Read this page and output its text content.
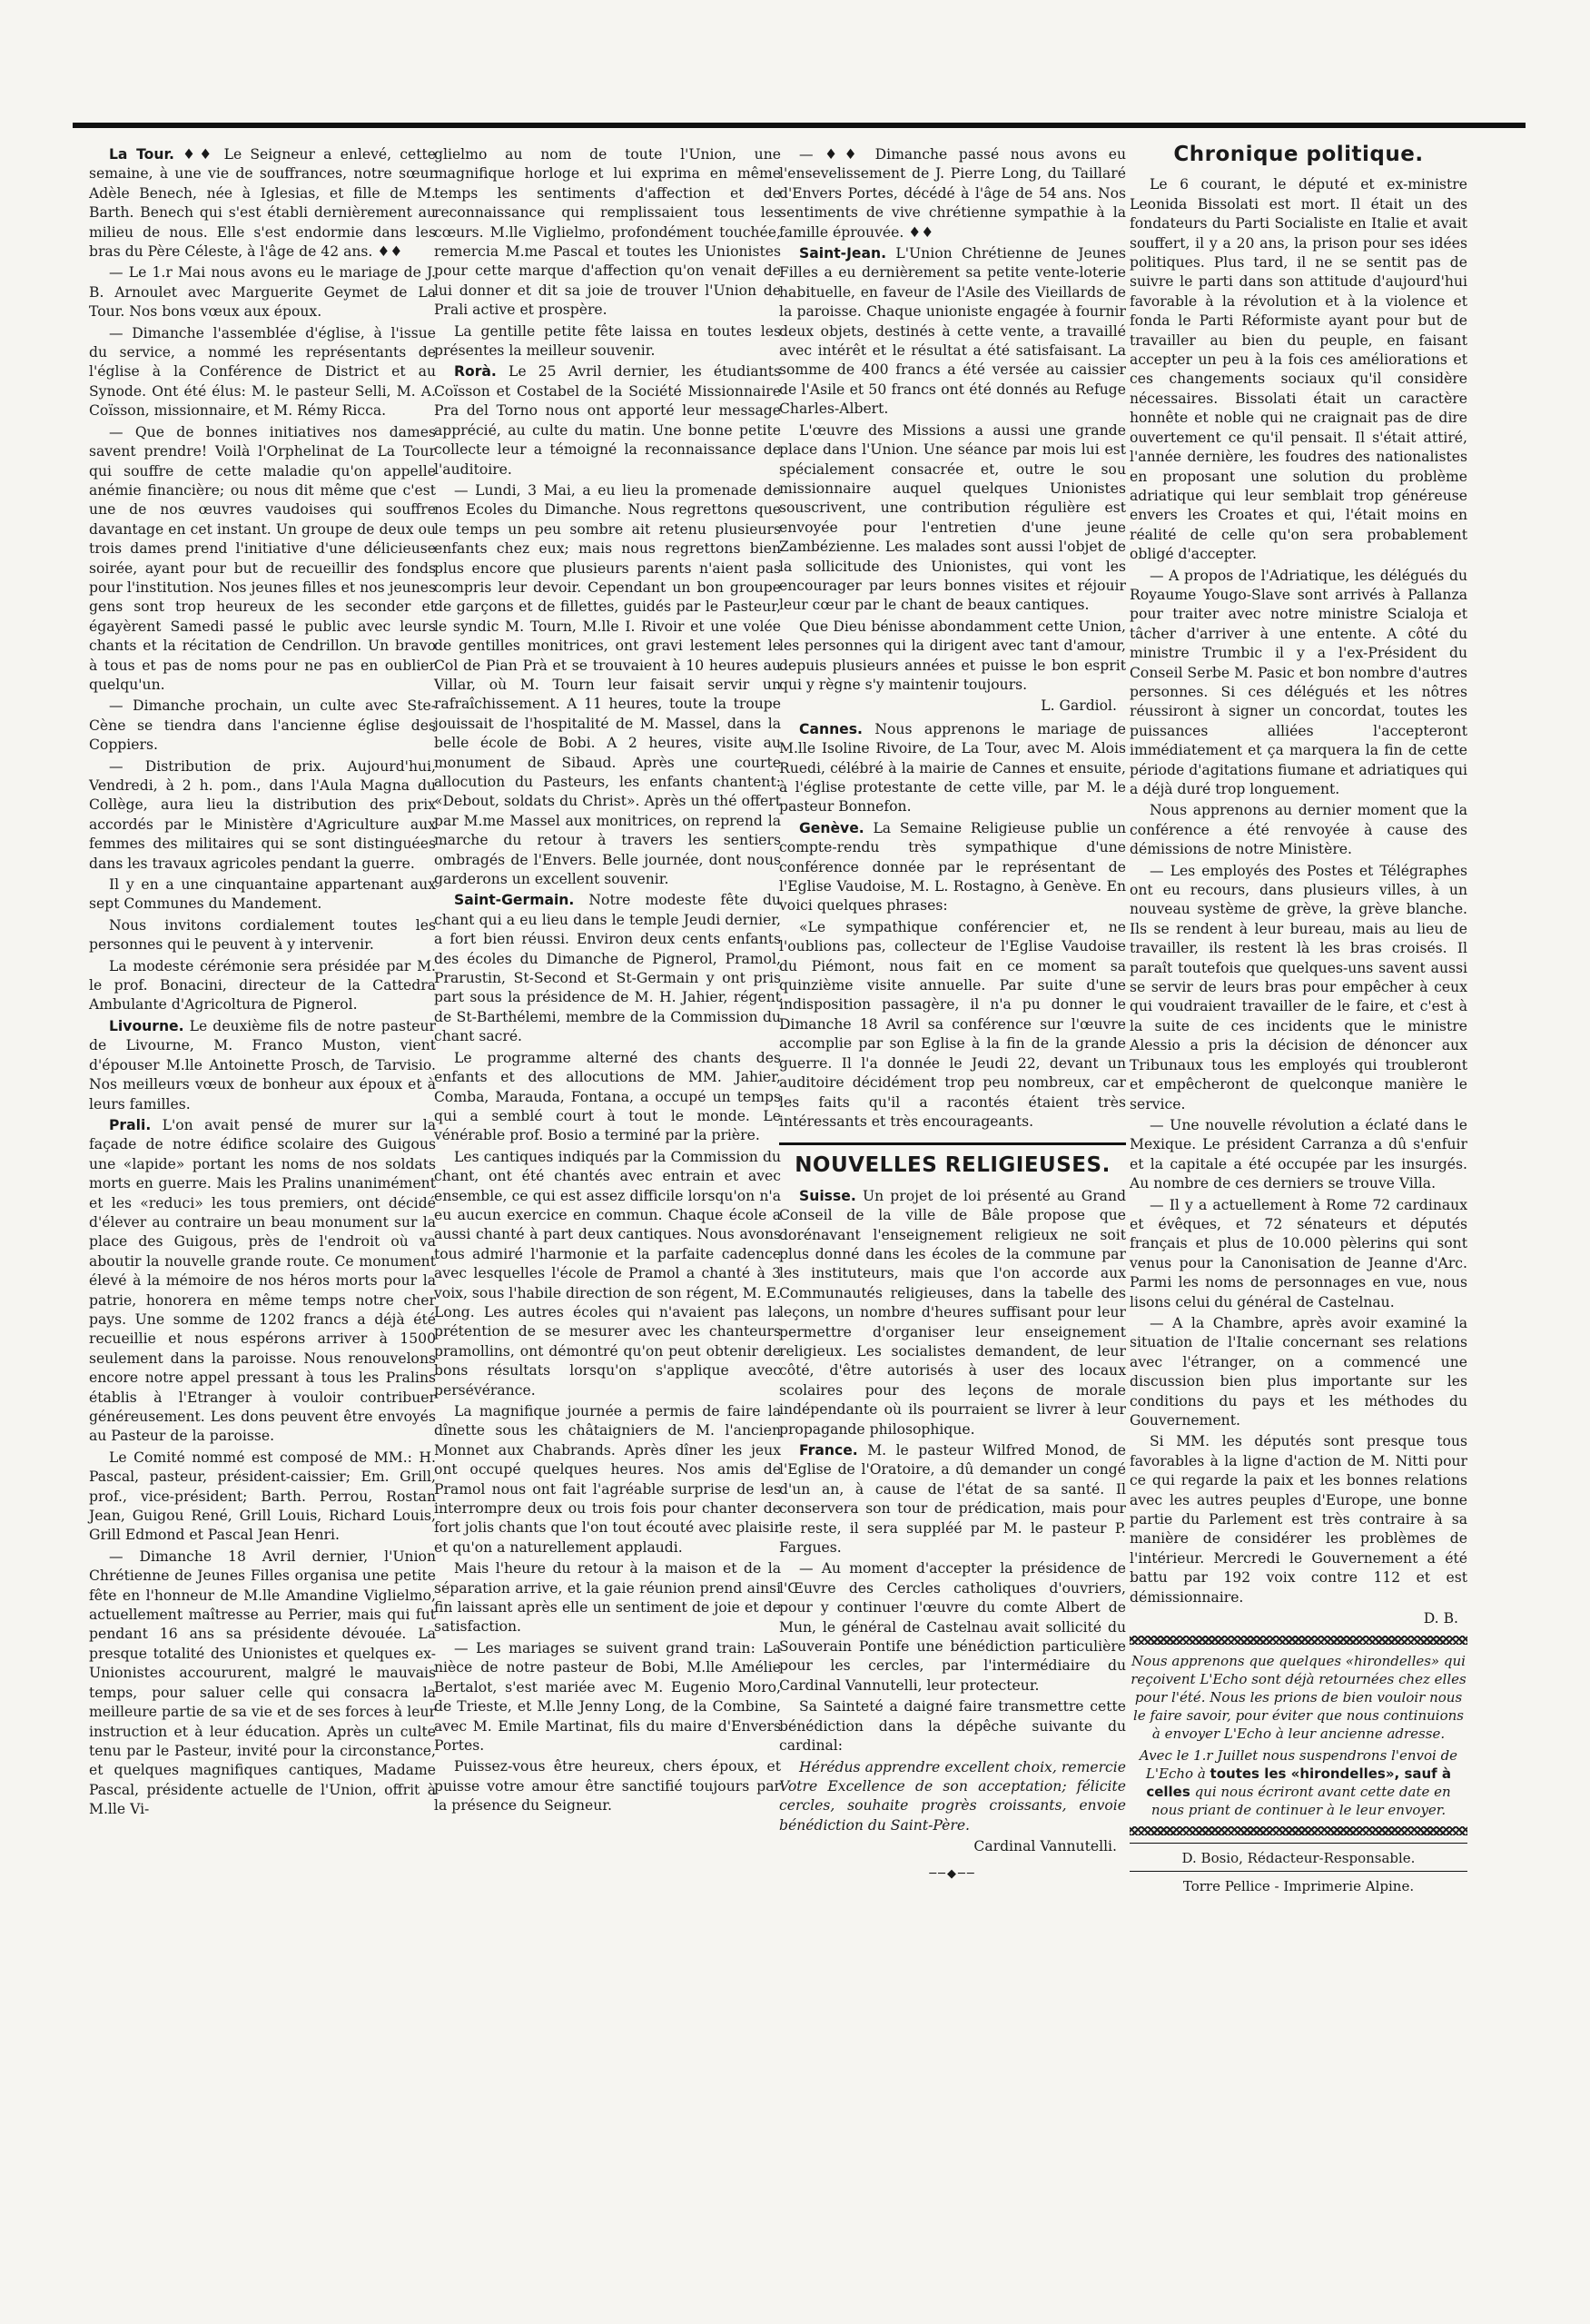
La Tour. ♦♦ Le Seigneur a enlevé, cette semaine, à une vie de souffrances, notre sœur Adèle Benech, née à Iglesias, et fille de M. Barth. Benech qui s'est établi dernièrement au milieu de nous. Elle s'est endormie dans les bras du Père Céleste, à l'âge de 42 ans. ♦♦

— Le 1.r Mai nous avons eu le mariage de J. B. Arnoulet avec Marguerite Geymet de La Tour. Nos bons vœux aux époux.

— Dimanche l'assemblée d'église, à l'issue du service, a nommé les représentants de l'église à la Conférence de District et au Synode. Ont été élus: M. le pasteur Selli, M. A. Coïsson, missionnaire, et M. Rémy Ricca.

— Que de bonnes initiatives nos dames savent prendre! Voilà l'Orphelinat de La Tour qui souffre de cette maladie qu'on appelle anémie financière; ou nous dit même que c'est une de nos œuvres vaudoises qui souffre davantage en cet instant. Un groupe de deux ou trois dames prend l'initiative d'une délicieuse soirée, ayant pour but de recueillir des fonds pour l'institution. Nos jeunes filles et nos jeunes gens sont trop heureux de les seconder et égayèrent Samedi passé le public avec leurs chants et la récitation de Cendrillon. Un bravo à tous et pas de noms pour ne pas en oublier quelqu'un.

— Dimanche prochain, un culte avec Ste-Cène se tiendra dans l'ancienne église des Coppiers.

— Distribution de prix. Aujourd'hui, Vendredi, à 2 h. pom., dans l'Aula Magna du Collège, aura lieu la distribution des prix accordés par le Ministère d'Agriculture aux femmes des militaires qui se sont distinguées dans les travaux agricoles pendant la guerre.

Il y en a une cinquantaine appartenant aux sept Communes du Mandement.

Nous invitons cordialement toutes les personnes qui le peuvent à y intervenir.

La modeste cérémonie sera présidée par M. le prof. Bonacini, directeur de la Cattedra Ambulante d'Agricoltura de Pignerol.

Livourne. Le deuxième fils de notre pasteur de Livourne, M. Franco Muston, vient d'épouser M.lle Antoinette Prosch, de Tarvisio. Nos meilleurs vœux de bonheur aux époux et à leurs familles.

Prali. L'on avait pensé de murer sur la façade de notre édifice scolaire des Guigous une «lapide» portant les noms de nos soldats morts en guerre. Mais les Pralins unanimément et les «reduci» les tous premiers, ont décidé d'élever au contraire un beau monument sur la place des Guigous, près de l'endroit où va aboutir la nouvelle grande route. Ce monument élevé à la mémoire de nos héros morts pour la patrie, honorera en même temps notre cher pays. Une somme de 1202 francs a déjà été recueillie et nous espérons arriver à 1500 seulement dans la paroisse. Nous renouvelons encore notre appel pressant à tous les Pralins établis à l'Etranger à vouloir contribuer généreusement. Les dons peuvent être envoyés au Pasteur de la paroisse.

Le Comité nommé est composé de MM.: H. Pascal, pasteur, président-caissier; Em. Grill, prof., vice-président; Barth. Perrou, Rostan Jean, Guigou René, Grill Louis, Richard Louis, Grill Edmond et Pascal Jean Henri.

— Dimanche 18 Avril dernier, l'Union Chrétienne de Jeunes Filles organisa une petite fête en l'honneur de M.lle Amandine Viglielmo, actuellement maîtresse au Perrier, mais qui fut pendant 16 ans sa présidente dévouée. La presque totalité des Unionistes et quelques ex-Unionistes accoururent, malgré le mauvais temps, pour saluer celle qui consacra la meilleure partie de sa vie et de ses forces à leur instruction et à leur éducation. Après un culte tenu par le Pasteur, invité pour la circonstance, et quelques magnifiques cantiques, Madame Pascal, présidente actuelle de l'Union, offrit à M.lle Vi-

glielmo au nom de toute l'Union, une magnifique horloge et lui exprima en même temps les sentiments d'affection et de reconnaissance qui remplissaient tous les cœurs. M.lle Viglielmo, profondément touchée, remercia M.me Pascal et toutes les Unionistes pour cette marque d'affection qu'on venait de lui donner et dit sa joie de trouver l'Union de Prali active et prospère.

La gentille petite fête laissa en toutes les présentes la meilleur souvenir.

Rorà. Le 25 Avril dernier, les étudiants Coïsson et Costabel de la Société Missionnaire Pra del Torno nous ont apporté leur message apprécié, au culte du matin. Une bonne petite collecte leur a témoigné la reconnaissance de l'auditoire.

— Lundi, 3 Mai, a eu lieu la promenade de nos Ecoles du Dimanche. Nous regrettons que le temps un peu sombre ait retenu plusieurs enfants chez eux; mais nous regrettons bien plus encore que plusieurs parents n'aient pas compris leur devoir. Cependant un bon groupe de garçons et de fillettes, guidés par le Pasteur, le syndic M. Tourn, M.lle I. Rivoir et une volée de gentilles monitrices, ont gravi lestement le Col de Pian Prà et se trouvaient à 10 heures au Villar, où M. Tourn leur faisait servir un rafraîchissement. A 11 heures, toute la troupe jouissait de l'hospitalité de M. Massel, dans la belle école de Bobi. A 2 heures, visite au monument de Sibaud. Après une courte allocution du Pasteurs, les enfants chantent: «Debout, soldats du Christ». Après un thé offert par M.me Massel aux monitrices, on reprend la marche du retour à travers les sentiers ombragés de l'Envers. Belle journée, dont nous garderons un excellent souvenir.

Saint-Germain. Notre modeste fête du chant qui a eu lieu dans le temple Jeudi dernier, a fort bien réussi. Environ deux cents enfants des écoles du Dimanche de Pignerol, Pramol, Prarustin, St-Second et St-Germain y ont pris part sous la présidence de M. H. Jahier, régent de St-Barthélemi, membre de la Commission du chant sacré.

Le programme alterné des chants des enfants et des allocutions de MM. Jahier, Comba, Marauda, Fontana, a occupé un temps qui a semblé court à tout le monde. Le vénérable prof. Bosio a terminé par la prière.

Les cantiques indiqués par la Commission du chant, ont été chantés avec entrain et avec ensemble, ce qui est assez difficile lorsqu'on n'a eu aucun exercice en commun. Chaque école a aussi chanté à part deux cantiques. Nous avons tous admiré l'harmonie et la parfaite cadence avec lesquelles l'école de Pramol a chanté à 3 voix, sous l'habile direction de son régent, M. E. Long. Les autres écoles qui n'avaient pas la prétention de se mesurer avec les chanteurs pramollins, ont démontré qu'on peut obtenir de bons résultats lorsqu'on s'applique avec persévérance.

La magnifique journée a permis de faire la dînette sous les châtaigniers de M. l'ancien Monnet aux Chabrands. Après dîner les jeux ont occupé quelques heures. Nos amis de Pramol nous ont fait l'agréable surprise de les interrompre deux ou trois fois pour chanter de fort jolis chants que l'on tout écouté avec plaisir et qu'on a naturellement applaudi.

Mais l'heure du retour à la maison et de la séparation arrive, et la gaie réunion prend ainsi fin laissant après elle un sentiment de joie et de satisfaction.

— Les mariages se suivent grand train: La nièce de notre pasteur de Bobi, M.lle Amélie Bertalot, s'est mariée avec M. Eugenio Moro, de Trieste, et M.lle Jenny Long, de la Combine, avec M. Emile Martinat, fils du maire d'Envers Portes.

Puissez-vous être heureux, chers époux, et puisse votre amour être sanctifié toujours par la présence du Seigneur.

— ♦♦ Dimanche passé nous avons eu l'ensevelissement de J. Pierre Long, du Taillaré d'Envers Portes, décédé à l'âge de 54 ans. Nos sentiments de vive chrétienne sympathie à la famille éprouvée. ♦♦

Saint-Jean. L'Union Chrétienne de Jeunes Filles a eu dernièrement sa petite vente-loterie habituelle, en faveur de l'Asile des Vieillards de la paroisse. Chaque unioniste engagée à fournir deux objets, destinés à cette vente, a travaillé avec intérêt et le résultat a été satisfaisant. La somme de 400 francs a été versée au caissier de l'Asile et 50 francs ont été donnés au Refuge Charles-Albert.

L'œuvre des Missions a aussi une grande place dans l'Union. Une séance par mois lui est spécialement consacrée et, outre le sou missionnaire auquel quelques Unionistes souscrivent, une contribution régulière est envoyée pour l'entretien d'une jeune Zambézienne. Les malades sont aussi l'objet de la sollicitude des Unionistes, qui vont les encourager par leurs bonnes visites et réjouir leur cœur par le chant de beaux cantiques.

Que Dieu bénisse abondamment cette Union, les personnes qui la dirigent avec tant d'amour, depuis plusieurs années et puisse le bon esprit qui y règne s'y maintenir toujours.

L. Gardiol.

Cannes. Nous apprenons le mariage de M.lle Isoline Rivoire, de La Tour, avec M. Alois Ruedi, célébré à la mairie de Cannes et ensuite, à l'église protestante de cette ville, par M. le pasteur Bonnefon.

Genève. La Semaine Religieuse publie un compte-rendu très sympathique d'une conférence donnée par le représentant de l'Eglise Vaudoise, M. L. Rostagno, à Genève. En voici quelques phrases:

«Le sympathique conférencier et, ne l'oublions pas, collecteur de l'Eglise Vaudoise du Piémont, nous fait en ce moment sa quinzième visite annuelle. Par suite d'une indisposition passagère, il n'a pu donner le Dimanche 18 Avril sa conférence sur l'œuvre accomplie par son Eglise à la fin de la grande guerre. Il l'a donnée le Jeudi 22, devant un auditoire décidément trop peu nombreux, car les faits qu'il a racontés étaient très intéressants et très encourageants.

NOUVELLES RELIGIEUSES.

Suisse. Un projet de loi présenté au Grand Conseil de la ville de Bâle propose que dorénavant l'enseignement religieux ne soit plus donné dans les écoles de la commune par les instituteurs, mais que l'on accorde aux Communautés religieuses, dans la tabelle des leçons, un nombre d'heures suffisant pour leur permettre d'organiser leur enseignement religieux. Les socialistes demandent, de leur côté, d'être autorisés à user des locaux scolaires pour des leçons de morale indépendante où ils pourraient se livrer à leur propagande philosophique.

France. M. le pasteur Wilfred Monod, de l'Eglise de l'Oratoire, a dû demander un congé d'un an, à cause de l'état de sa santé. Il conservera son tour de prédication, mais pour le reste, il sera suppléé par M. le pasteur P. Fargues.

— Au moment d'accepter la présidence de l'Œuvre des Cercles catholiques d'ouvriers, pour y continuer l'œuvre du comte Albert de Mun, le général de Castelnau avait sollicité du Souverain Pontife une bénédiction particulière pour les cercles, par l'intermédiaire du Cardinal Vannutelli, leur protecteur.

Sa Sainteté a daigné faire transmettre cette bénédiction dans la dépêche suivante du cardinal:

Hérédus apprendre excellent choix, remercie Votre Excellence de son acceptation; félicite cercles, souhaite progrès croissants, envoie bénédiction du Saint-Père.

Cardinal Vannutelli.
──◆──
Chronique politique.

Le 6 courant, le député et ex-ministre Leonida Bissolati est mort. Il était un des fondateurs du Parti Socialiste en Italie et avait souffert, il y a 20 ans, la prison pour ses idées politiques. Plus tard, il ne se sentit pas de suivre le parti dans son attitude d'aujourd'hui favorable à la révolution et à la violence et fonda le Parti Réformiste ayant pour but de travailler au bien du peuple, en faisant accepter un peu à la fois ces améliorations et ces changements sociaux qu'il considère nécessaires. Bissolati était un caractère honnête et noble qui ne craignait pas de dire ouvertement ce qu'il pensait. Il s'était attiré, l'année dernière, les foudres des nationalistes en proposant une solution du problème adriatique qui leur semblait trop généreuse envers les Croates et qui, l'était moins en réalité de celle qu'on sera probablement obligé d'accepter.

— A propos de l'Adriatique, les délégués du Royaume Yougo-Slave sont arrivés à Pallanza pour traiter avec notre ministre Scialoja et tâcher d'arriver à une entente. A côté du ministre Trumbic il y a l'ex-Président du Conseil Serbe M. Pasic et bon nombre d'autres personnes. Si ces délégués et les nôtres réussiront à signer un concordat, toutes les puissances alliées l'accepteront immédiatement et ça marquera la fin de cette période d'agitations fiumane et adriatiques qui a déjà duré trop longuement.

Nous apprenons au dernier moment que la conférence a été renvoyée à cause des démissions de notre Ministère.

— Les employés des Postes et Télégraphes ont eu recours, dans plusieurs villes, à un nouveau système de grève, la grève blanche. Ils se rendent à leur bureau, mais au lieu de travailler, ils restent là les bras croisés. Il paraît toutefois que quelques-uns savent aussi se servir de leurs bras pour empêcher à ceux qui voudraient travailler de le faire, et c'est à la suite de ces incidents que le ministre Alessio a pris la décision de dénoncer aux Tribunaux tous les employés qui troubleront et empêcheront de quelconque manière le service.

— Une nouvelle révolution a éclaté dans le Mexique. Le président Carranza a dû s'enfuir et la capitale a été occupée par les insurgés. Au nombre de ces derniers se trouve Villa.

— Il y a actuellement à Rome 72 cardinaux et évêques, et 72 sénateurs et députés français et plus de 10.000 pèlerins qui sont venus pour la Canonisation de Jeanne d'Arc. Parmi les noms de personnages en vue, nous lisons celui du général de Castelnau.

— A la Chambre, après avoir examiné la situation de l'Italie concernant ses relations avec l'étranger, on a commencé une discussion bien plus importante sur les conditions du pays et les méthodes du Gouvernement.

Si MM. les députés sont presque tous favorables à la ligne d'action de M. Nitti pour ce qui regarde la paix et les bonnes relations avec les autres peuples d'Europe, une bonne partie du Parlement est très contraire à sa manière de considérer les problèmes de l'intérieur. Mercredi le Gouvernement a été battu par 192 voix contre 112 et est démissionnaire.

D. B.
Nous apprenons que quelques «hirondelles» qui reçoivent L'Echo sont déjà retournées chez elles pour l'été. Nous les prions de bien vouloir nous le faire savoir, pour éviter que nous continuions à envoyer L'Echo à leur ancienne adresse.
Avec le 1.r Juillet nous suspendrons l'envoi de L'Echo à toutes les «hirondelles», sauf à celles qui nous écriront avant cette date en nous priant de continuer à le leur envoyer.
D. Bosio, Rédacteur-Responsable.
Torre Pellice - Imprimerie Alpine.
